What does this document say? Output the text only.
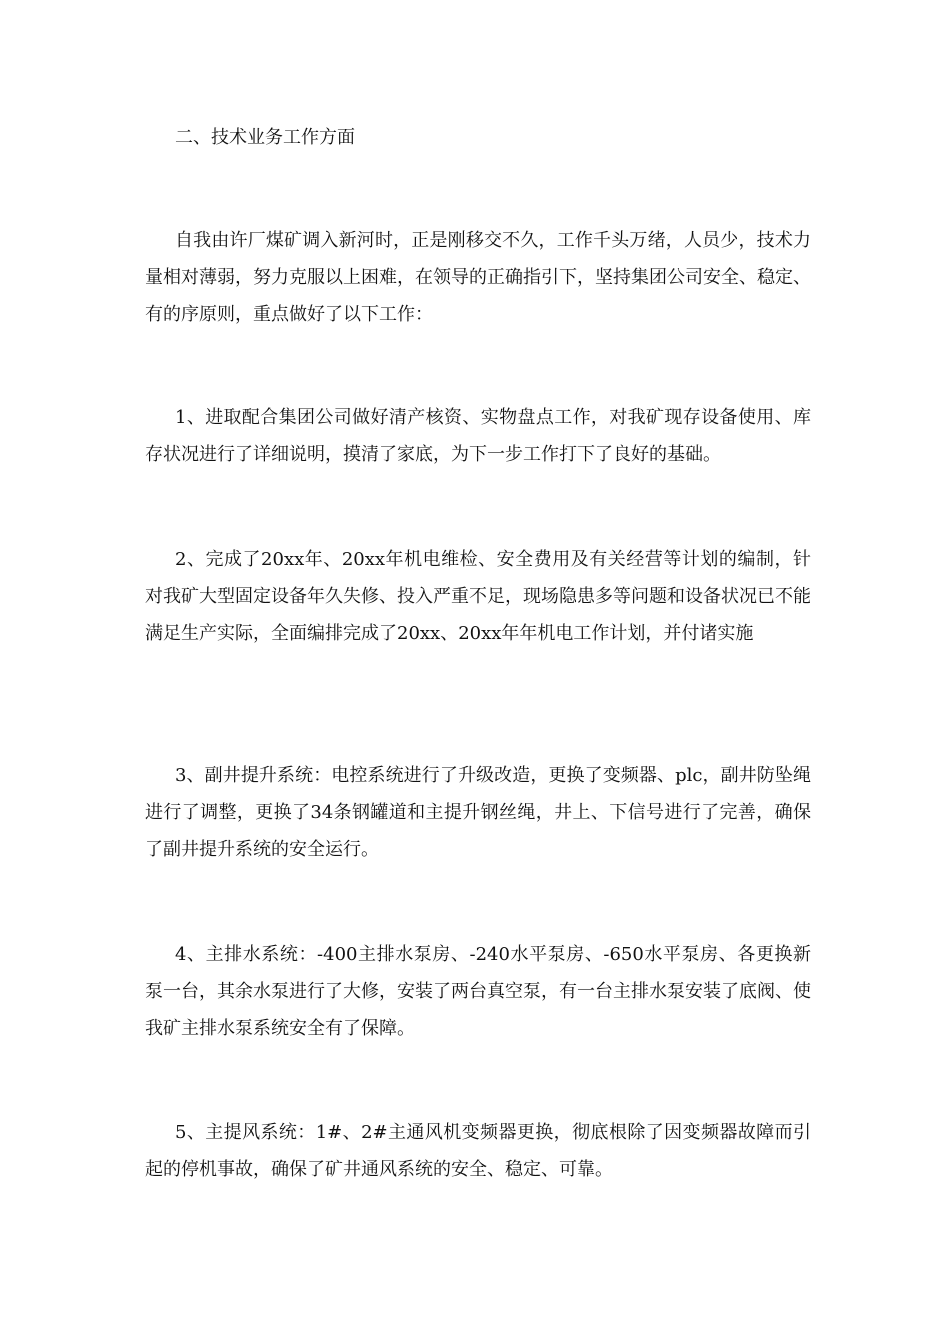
二、技术业务工作方面

自我由许厂煤矿调入新河时，正是刚移交不久，工作千头万绪，人员少，技术力量相对薄弱，努力克服以上困难，在领导的正确指引下，坚持集团公司安全、稳定、有的序原则，重点做好了以下工作：

1、进取配合集团公司做好清产核资、实物盘点工作，对我矿现存设备使用、库存状况进行了详细说明，摸清了家底，为下一步工作打下了良好的基础。

2、完成了20xx年、20xx年机电维检、安全费用及有关经营等计划的编制，针对我矿大型固定设备年久失修、投入严重不足，现场隐患多等问题和设备状况已不能满足生产实际，全面编排完成了20xx、20xx年年机电工作计划，并付诸实施

3、副井提升系统：电控系统进行了升级改造，更换了变频器、plc，副井防坠绳进行了调整，更换了34条钢罐道和主提升钢丝绳，井上、下信号进行了完善，确保了副井提升系统的安全运行。

4、主排水系统：-400主排水泵房、-240水平泵房、-650水平泵房、各更换新泵一台，其余水泵进行了大修，安装了两台真空泵，有一台主排水泵安装了底阀、使我矿主排水泵系统安全有了保障。

5、主提风系统：1#、2#主通风机变频器更换，彻底根除了因变频器故障而引起的停机事故，确保了矿井通风系统的安全、稳定、可靠。
